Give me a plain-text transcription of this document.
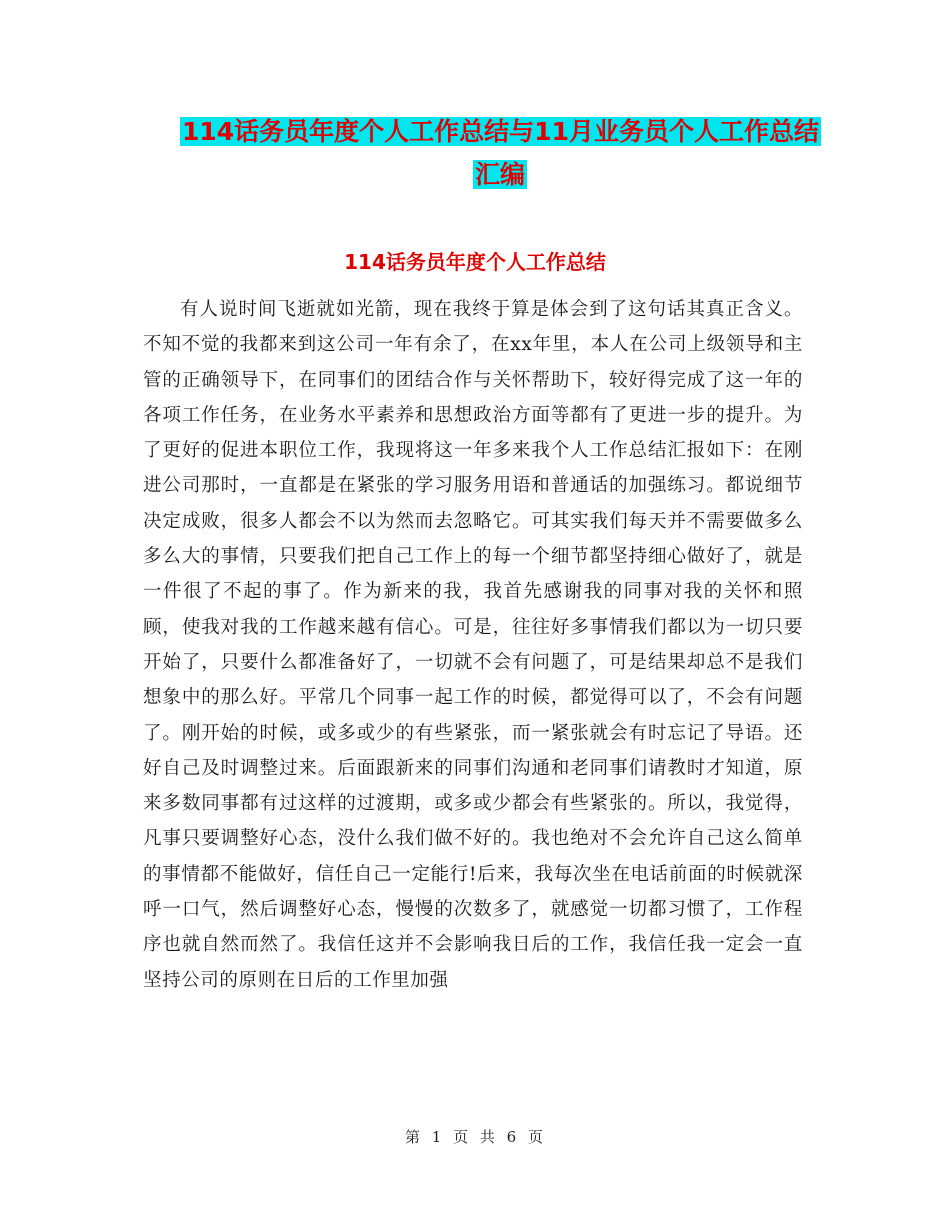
114话务员年度个人工作总结与11月业务员个人工作总结汇编
114话务员年度个人工作总结

有人说时间飞逝就如光箭，现在我终于算是体会到了这句话其真正含义。不知不觉的我都来到这公司一年有余了，在xx年里，本人在公司上级领导和主管的正确领导下，在同事们的团结合作与关怀帮助下，较好得完成了这一年的各项工作任务，在业务水平素养和思想政治方面等都有了更进一步的提升。为了更好的促进本职位工作，我现将这一年多来我个人工作总结汇报如下：在刚进公司那时，一直都是在紧张的学习服务用语和普通话的加强练习。都说细节决定成败，很多人都会不以为然而去忽略它。可其实我们每天并不需要做多么多么大的事情，只要我们把自己工作上的每一个细节都坚持细心做好了，就是一件很了不起的事了。作为新来的我，我首先感谢我的同事对我的关怀和照顾，使我对我的工作越来越有信心。可是，往往好多事情我们都以为一切只要开始了，只要什么都准备好了，一切就不会有问题了，可是结果却总不是我们想象中的那么好。平常几个同事一起工作的时候，都觉得可以了，不会有问题了。刚开始的时候，或多或少的有些紧张，而一紧张就会有时忘记了导语。还好自己及时调整过来。后面跟新来的同事们沟通和老同事们请教时才知道，原来多数同事都有过这样的过渡期，或多或少都会有些紧张的。所以，我觉得，凡事只要调整好心态，没什么我们做不好的。我也绝对不会允许自己这么简单的事情都不能做好，信任自己一定能行!后来，我每次坐在电话前面的时候就深呼一口气，然后调整好心态，慢慢的次数多了，就感觉一切都习惯了，工作程序也就自然而然了。我信任这并不会影响我日后的工作，我信任我一定会一直坚持公司的原则在日后的工作里加强

第 1 页 共 6 页
